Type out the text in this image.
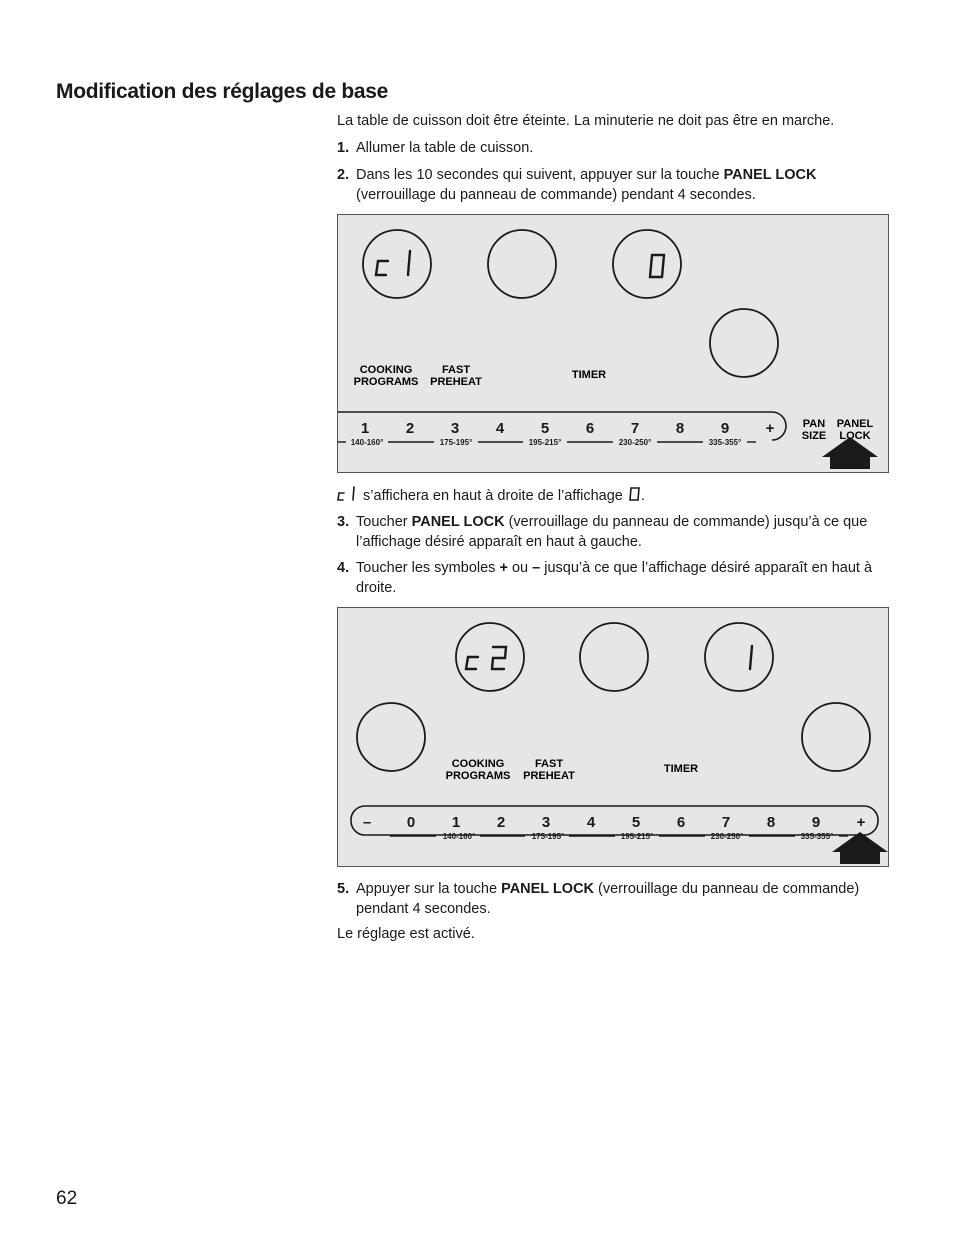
Modification des réglages de base
La table de cuisson doit être éteinte. La minuterie ne doit pas être en marche.
1. Allumer la table de cuisson.
2. Dans les 10 secondes qui suivent, appuyer sur la touche PANEL LOCK
(verrouillage du panneau de commande) pendant 4 secondes.
COOKING
PROGRAMS
FAST
PREHEAT
TIMER
PAN
SIZE
PANEL
LOCK
1 2 3 4 5 6 7 8 9 +
140-160°	175-195°	195-215°	230-250°	335-355°
s’affichera en haut à droite de l’affichage .
3. Toucher PANEL LOCK (verrouillage du panneau de commande) jusqu’à ce que l’affichage désiré apparaît en haut à gauche.
4. Toucher les symboles + ou – jusqu’à ce que l’affichage désiré apparaît en haut à droite.
COOKING
PROGRAMS
FAST
PREHEAT
TIMER
– 0 1 2 3 4 5 6 7 8 9 +
140-160°	175-195°	195-215°	230-250°	335-355°
5. Appuyer sur la touche PANEL LOCK (verrouillage du panneau de commande) pendant 4 secondes.
Le réglage est activé.
62
